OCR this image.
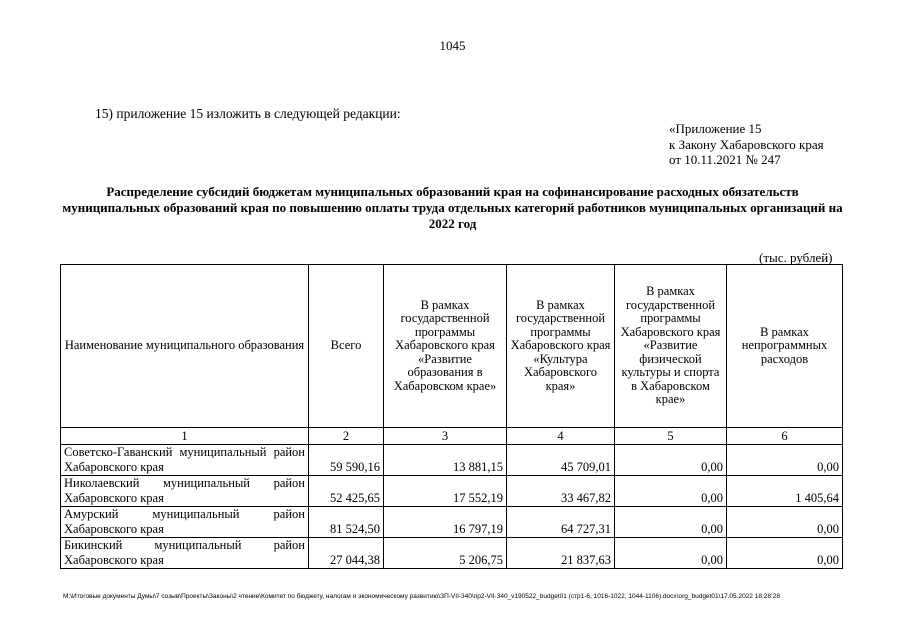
1045
15) приложение 15 изложить в следующей редакции:
«Приложение 15
к Закону Хабаровского края
от 10.11.2021 № 247
Распределение субсидий бюджетам муниципальных образований края на софинансирование расходных обязательств муниципальных образований края по повышению оплаты труда отдельных категорий работников муниципальных организаций на 2022 год
(тыс. рублей)
Наименование муниципального образования	Всего	В рамках государственной программы Хабаровского края «Развитие образования в Хабаровском крае»	В рамках государственной программы Хабаровского края «Культура Хабаровского края»	В рамках государственной программы Хабаровского края «Развитие физической культуры и спорта в Хабаровском крае»	В рамках непрограммных расходов
1	2	3	4	5	6
Советско-Гаванский муниципальный район Хабаровского края	59 590,16	13 881,15	45 709,01	0,00	0,00
Николаевский муниципальный район Хабаровского края	52 425,65	17 552,19	33 467,82	0,00	1 405,64
Амурский муниципальный район Хабаровского края	81 524,50	16 797,19	64 727,31	0,00	0,00
Бикинский муниципальный район Хабаровского края	27 044,38	5 206,75	21 837,63	0,00	0,00
M:\Итоговые документы Думы\7 созыв\Проекты\Законы\2 чтение\Комитет по бюджету, налогам и экономическому развитию\ЗП-VII-340\пр2-VII-340_v190522_budget01 (стр1-6, 1016-1022, 1044-1106).docx\org_budget01\17.05.2022 18:28:28
